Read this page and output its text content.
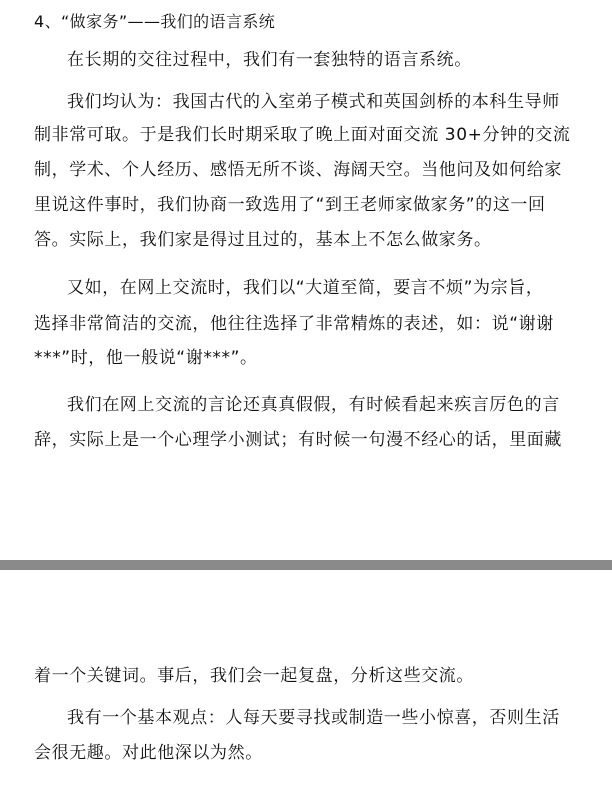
4、“做家务”——我们的语言系统
在长期的交往过程中，我们有一套独特的语言系统。
我们均认为：我国古代的入室弟子模式和英国剑桥的本科生导师
制非常可取。于是我们长时期采取了晚上面对面交流 30+分钟的交流
制，学术、个人经历、感悟无所不谈、海阔天空。当他问及如何给家
里说这件事时，我们协商一致选用了“到王老师家做家务”的这一回
答。实际上，我们家是得过且过的，基本上不怎么做家务。
又如，在网上交流时，我们以“大道至简，要言不烦”为宗旨，
选择非常简洁的交流，他往往选择了非常精炼的表述，如：说“谢谢
***”时，他一般说“谢***”。
我们在网上交流的言论还真真假假，有时候看起来疾言厉色的言
辞，实际上是一个心理学小测试；有时候一句漫不经心的话，里面藏
着一个关键词。事后，我们会一起复盘，分析这些交流。
我有一个基本观点：人每天要寻找或制造一些小惊喜，否则生活
会很无趣。对此他深以为然。
